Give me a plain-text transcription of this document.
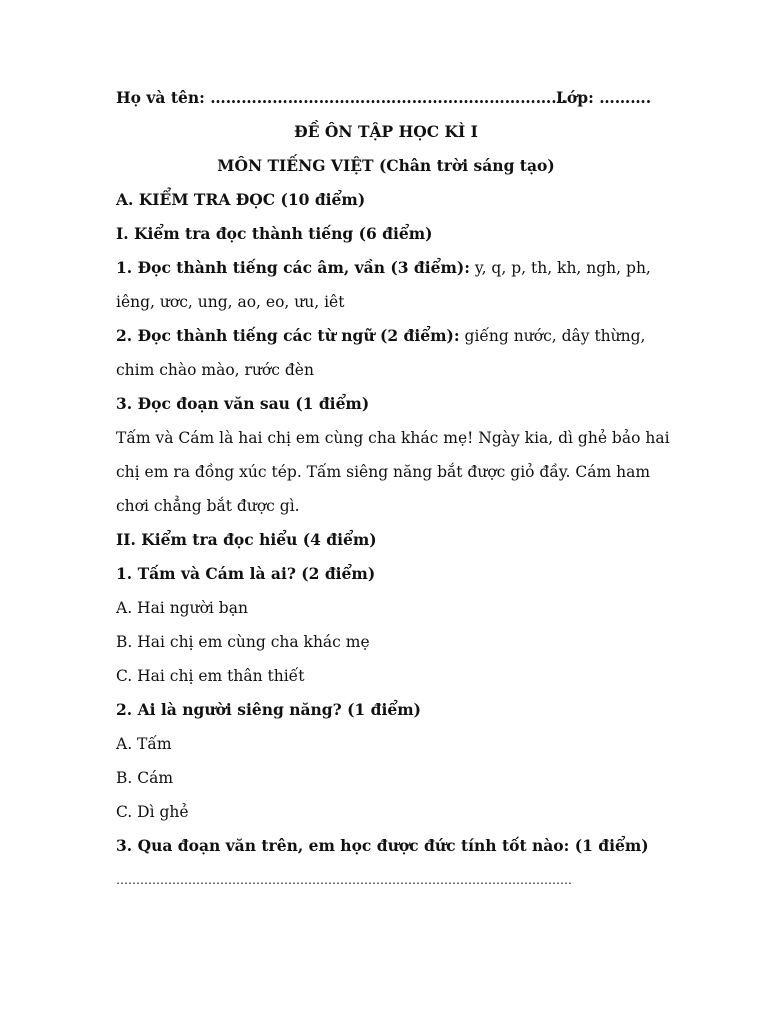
Họ và tên: ……………………………………………………………
Lớp: ……….
ĐỀ ÔN TẬP HỌC KÌ I
MÔN TIẾNG VIỆT (Chân trời sáng tạo)
A. KIỂM TRA ĐỌC (10 điểm)
I. Kiểm tra đọc thành tiếng (6 điểm)
1. Đọc thành tiếng các âm, vần (3 điểm): y, q, p, th, kh, ngh, ph,
iêng, ươc, ung, ao, eo, ưu, iêt
2. Đọc thành tiếng các từ ngữ (2 điểm): giếng nước, dây thừng,
chim chào mào, rước đèn
3. Đọc đoạn văn sau (1 điểm)
Tấm và Cám là hai chị em cùng cha khác mẹ! Ngày kia, dì ghẻ bảo hai
chị em ra đồng xúc tép. Tấm siêng năng bắt được giỏ đầy. Cám ham
chơi chẳng bắt được gì.
II. Kiểm tra đọc hiểu (4 điểm)
1. Tấm và Cám là ai? (2 điểm)
A. Hai người bạn
B. Hai chị em cùng cha khác mẹ
C. Hai chị em thân thiết
2. Ai là người siêng năng? (1 điểm)
A. Tấm
B. Cám
C. Dì ghẻ
3. Qua đoạn văn trên, em học được đức tính tốt nào: (1 điểm)
……………………………………………………………………………………………………
